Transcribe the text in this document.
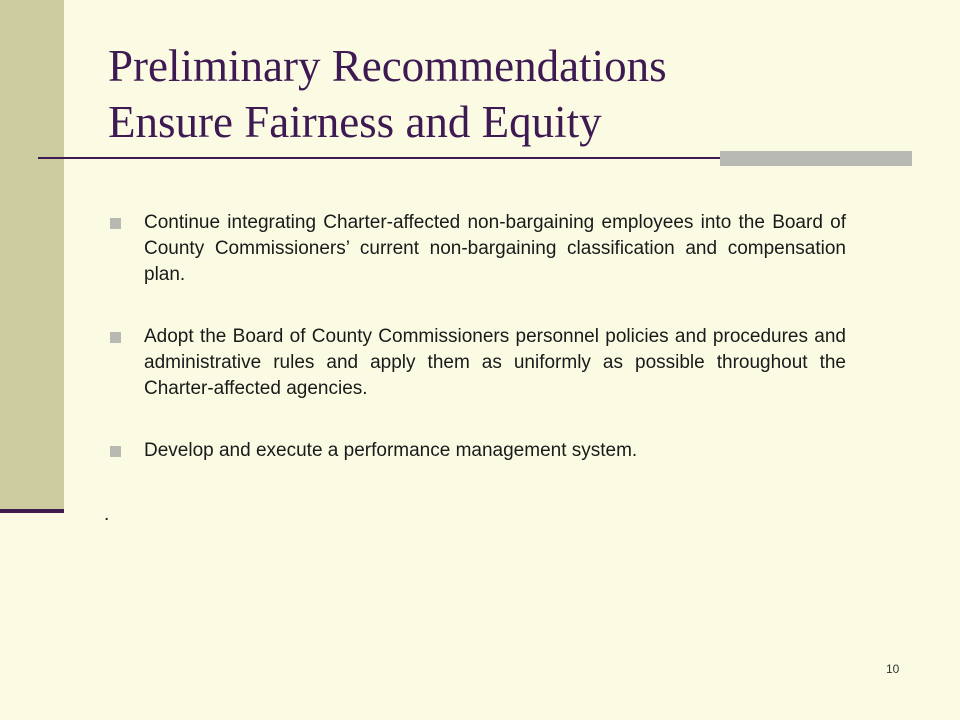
Preliminary Recommendations
Ensure Fairness and Equity
Continue integrating Charter-affected non-bargaining employees into the Board of County Commissioners’ current non-bargaining classification and compensation plan.
Adopt the Board of County Commissioners personnel policies and procedures and administrative rules and apply them as uniformly as possible throughout the Charter-affected agencies.
Develop and execute a performance management system.
.
10
